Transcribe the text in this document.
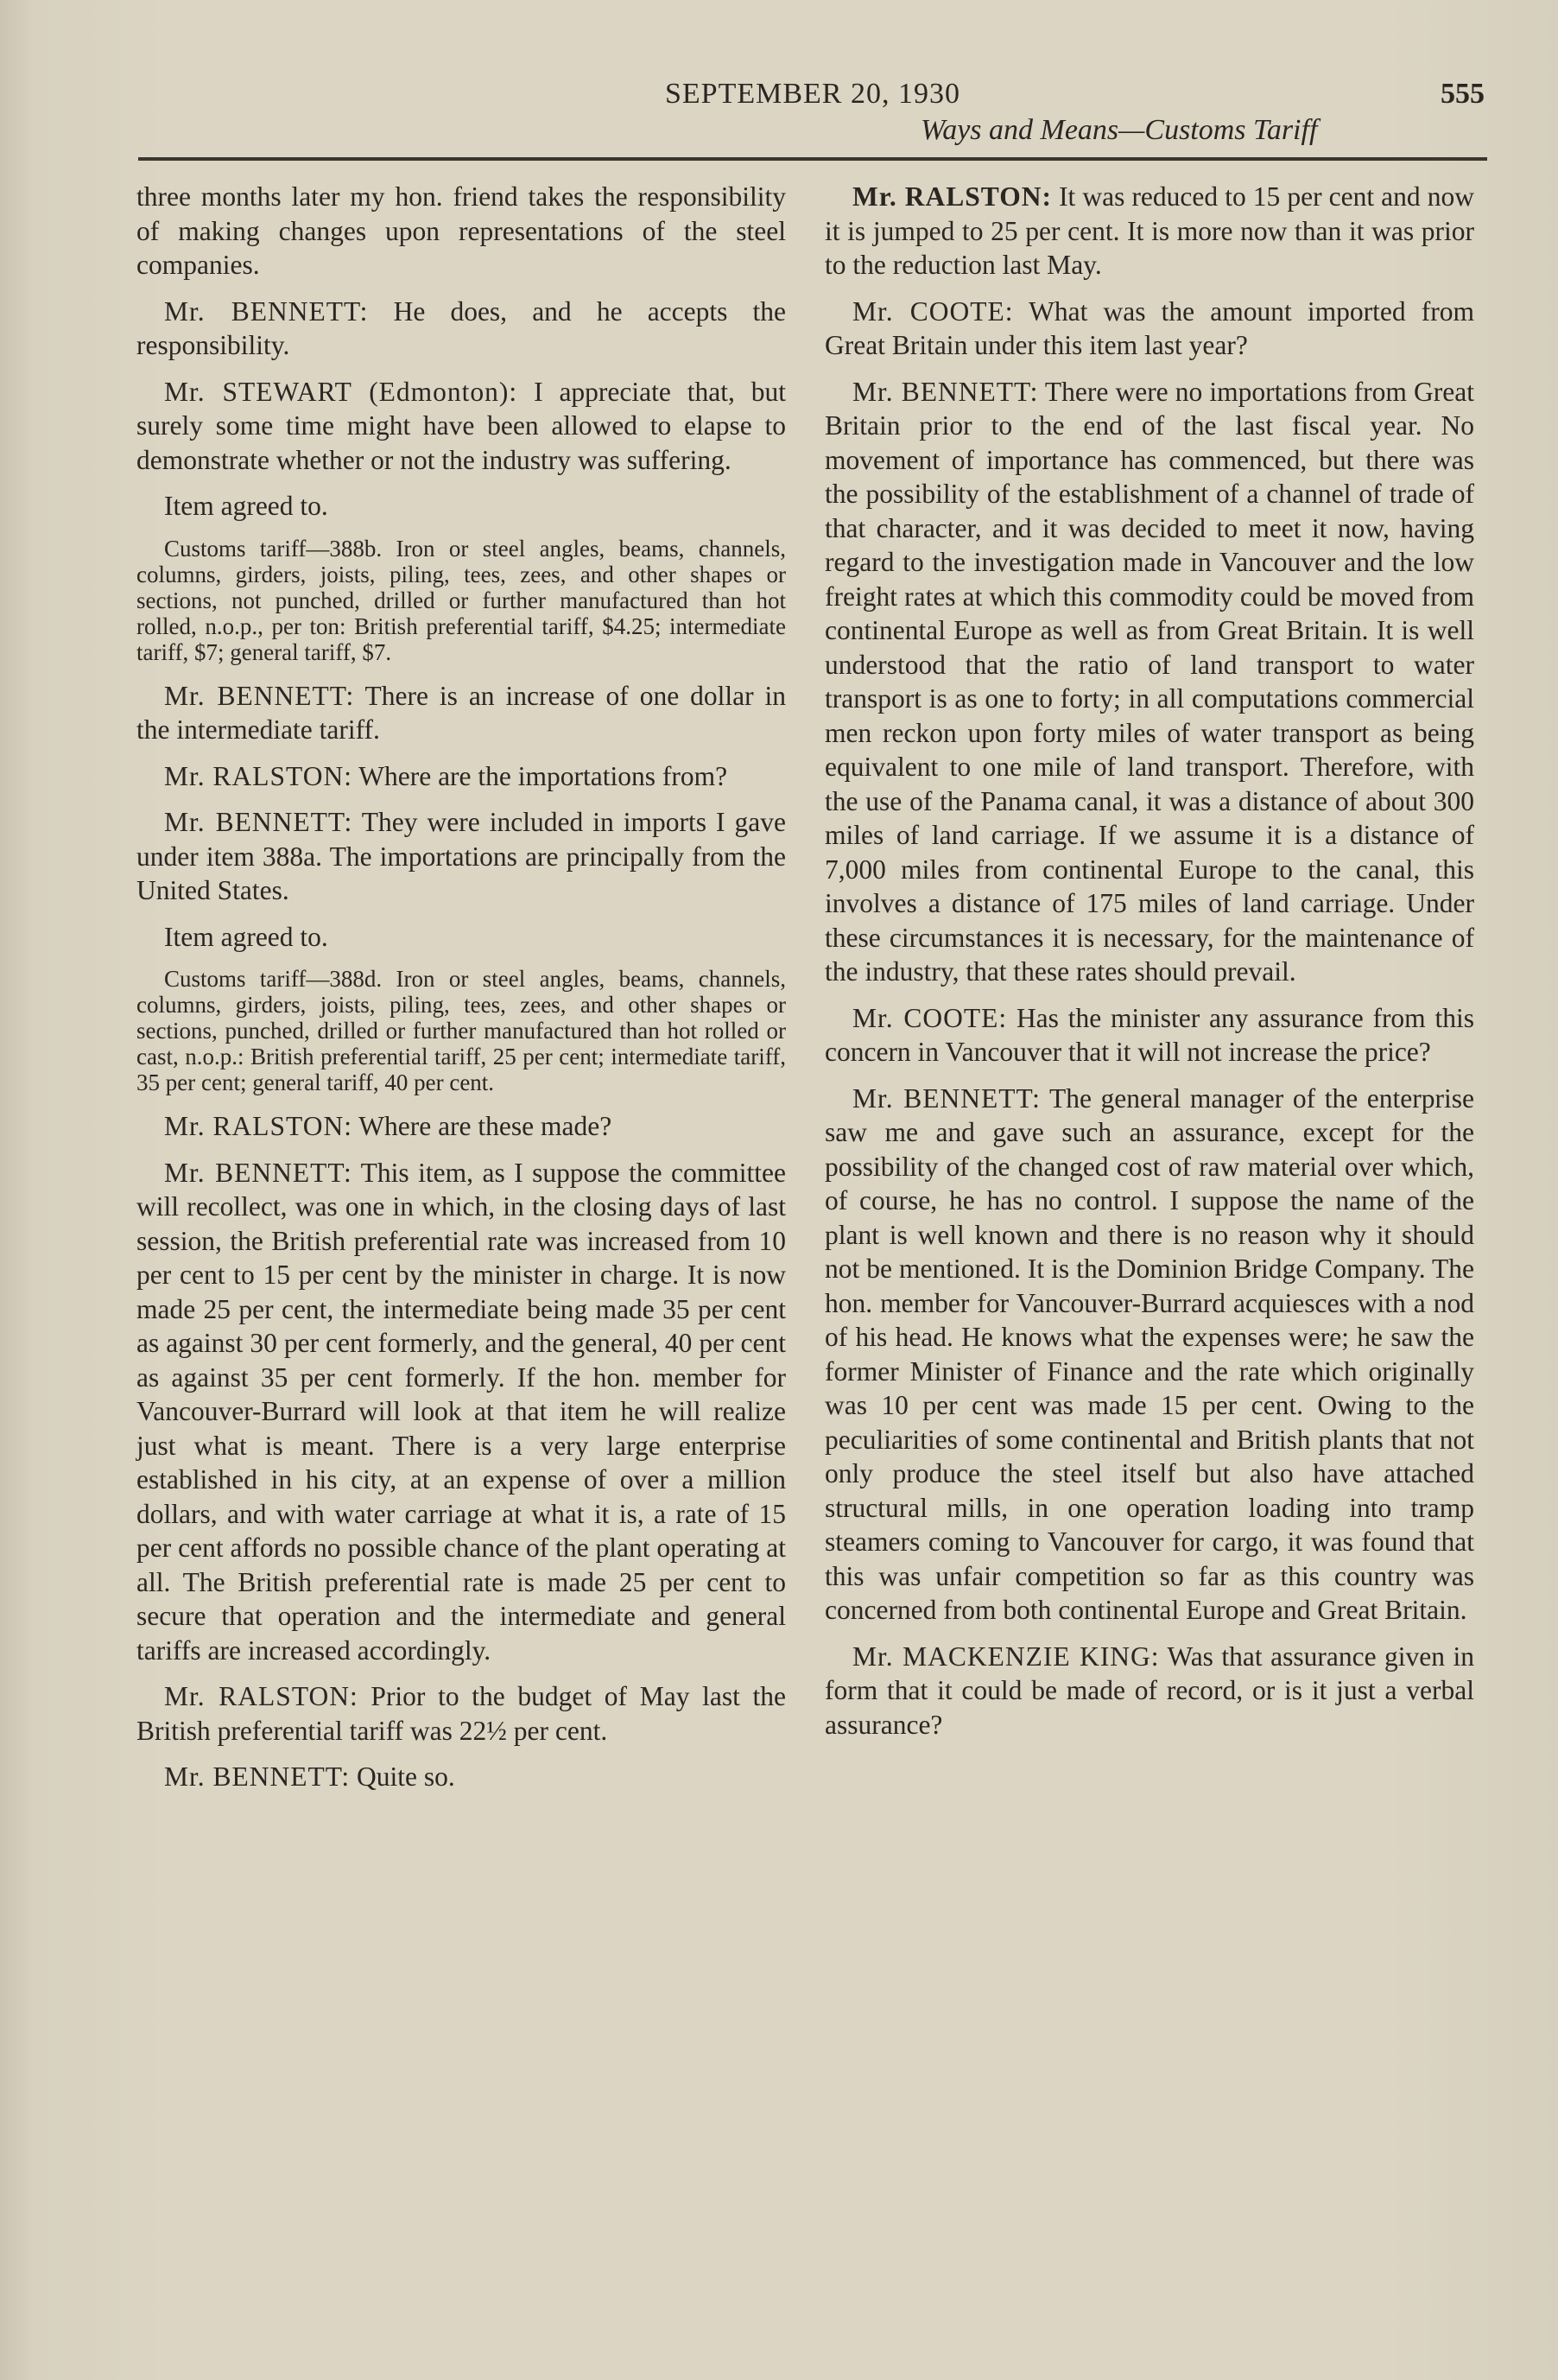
SEPTEMBER 20, 1930	555
Ways and Means—Customs Tariff

three months later my hon. friend takes the responsibility of making changes upon representations of the steel companies.

Mr. BENNETT: He does, and he accepts the responsibility.

Mr. STEWART (Edmonton): I appreciate that, but surely some time might have been allowed to elapse to demonstrate whether or not the industry was suffering.

Item agreed to.

Customs tariff—388b. Iron or steel angles, beams, channels, columns, girders, joists, piling, tees, zees, and other shapes or sections, not punched, drilled or further manufactured than hot rolled, n.o.p., per ton: British preferential tariff, $4.25; intermediate tariff, $7; general tariff, $7.

Mr. BENNETT: There is an increase of one dollar in the intermediate tariff.

Mr. RALSTON: Where are the importations from?

Mr. BENNETT: They were included in imports I gave under item 388a. The importations are principally from the United States.

Item agreed to.

Customs tariff—388d. Iron or steel angles, beams, channels, columns, girders, joists, piling, tees, zees, and other shapes or sections, punched, drilled or further manufactured than hot rolled or cast, n.o.p.: British preferential tariff, 25 per cent; intermediate tariff, 35 per cent; general tariff, 40 per cent.

Mr. RALSTON: Where are these made?

Mr. BENNETT: This item, as I suppose the committee will recollect, was one in which, in the closing days of last session, the British preferential rate was increased from 10 per cent to 15 per cent by the minister in charge. It is now made 25 per cent, the intermediate being made 35 per cent as against 30 per cent formerly, and the general, 40 per cent as against 35 per cent formerly. If the hon. member for Vancouver-Burrard will look at that item he will realize just what is meant. There is a very large enterprise established in his city, at an expense of over a million dollars, and with water carriage at what it is, a rate of 15 per cent affords no possible chance of the plant operating at all. The British preferential rate is made 25 per cent to secure that operation and the intermediate and general tariffs are increased accordingly.

Mr. RALSTON: Prior to the budget of May last the British preferential tariff was 22½ per cent.

Mr. BENNETT: Quite so.

Mr. RALSTON: It was reduced to 15 per cent and now it is jumped to 25 per cent. It is more now than it was prior to the reduction last May.

Mr. COOTE: What was the amount imported from Great Britain under this item last year?

Mr. BENNETT: There were no importations from Great Britain prior to the end of the last fiscal year. No movement of importance has commenced, but there was the possibility of the establishment of a channel of trade of that character, and it was decided to meet it now, having regard to the investigation made in Vancouver and the low freight rates at which this commodity could be moved from continental Europe as well as from Great Britain. It is well understood that the ratio of land transport to water transport is as one to forty; in all computations commercial men reckon upon forty miles of water transport as being equivalent to one mile of land transport. Therefore, with the use of the Panama canal, it was a distance of about 300 miles of land carriage. If we assume it is a distance of 7,000 miles from continental Europe to the canal, this involves a distance of 175 miles of land carriage. Under these circumstances it is necessary, for the maintenance of the industry, that these rates should prevail.

Mr. COOTE: Has the minister any assurance from this concern in Vancouver that it will not increase the price?

Mr. BENNETT: The general manager of the enterprise saw me and gave such an assurance, except for the possibility of the changed cost of raw material over which, of course, he has no control. I suppose the name of the plant is well known and there is no reason why it should not be mentioned. It is the Dominion Bridge Company. The hon. member for Vancouver-Burrard acquiesces with a nod of his head. He knows what the expenses were; he saw the former Minister of Finance and the rate which originally was 10 per cent was made 15 per cent. Owing to the peculiarities of some continental and British plants that not only produce the steel itself but also have attached structural mills, in one operation loading into tramp steamers coming to Vancouver for cargo, it was found that this was unfair competition so far as this country was concerned from both continental Europe and Great Britain.

Mr. MACKENZIE KING: Was that assurance given in form that it could be made of record, or is it just a verbal assurance?
